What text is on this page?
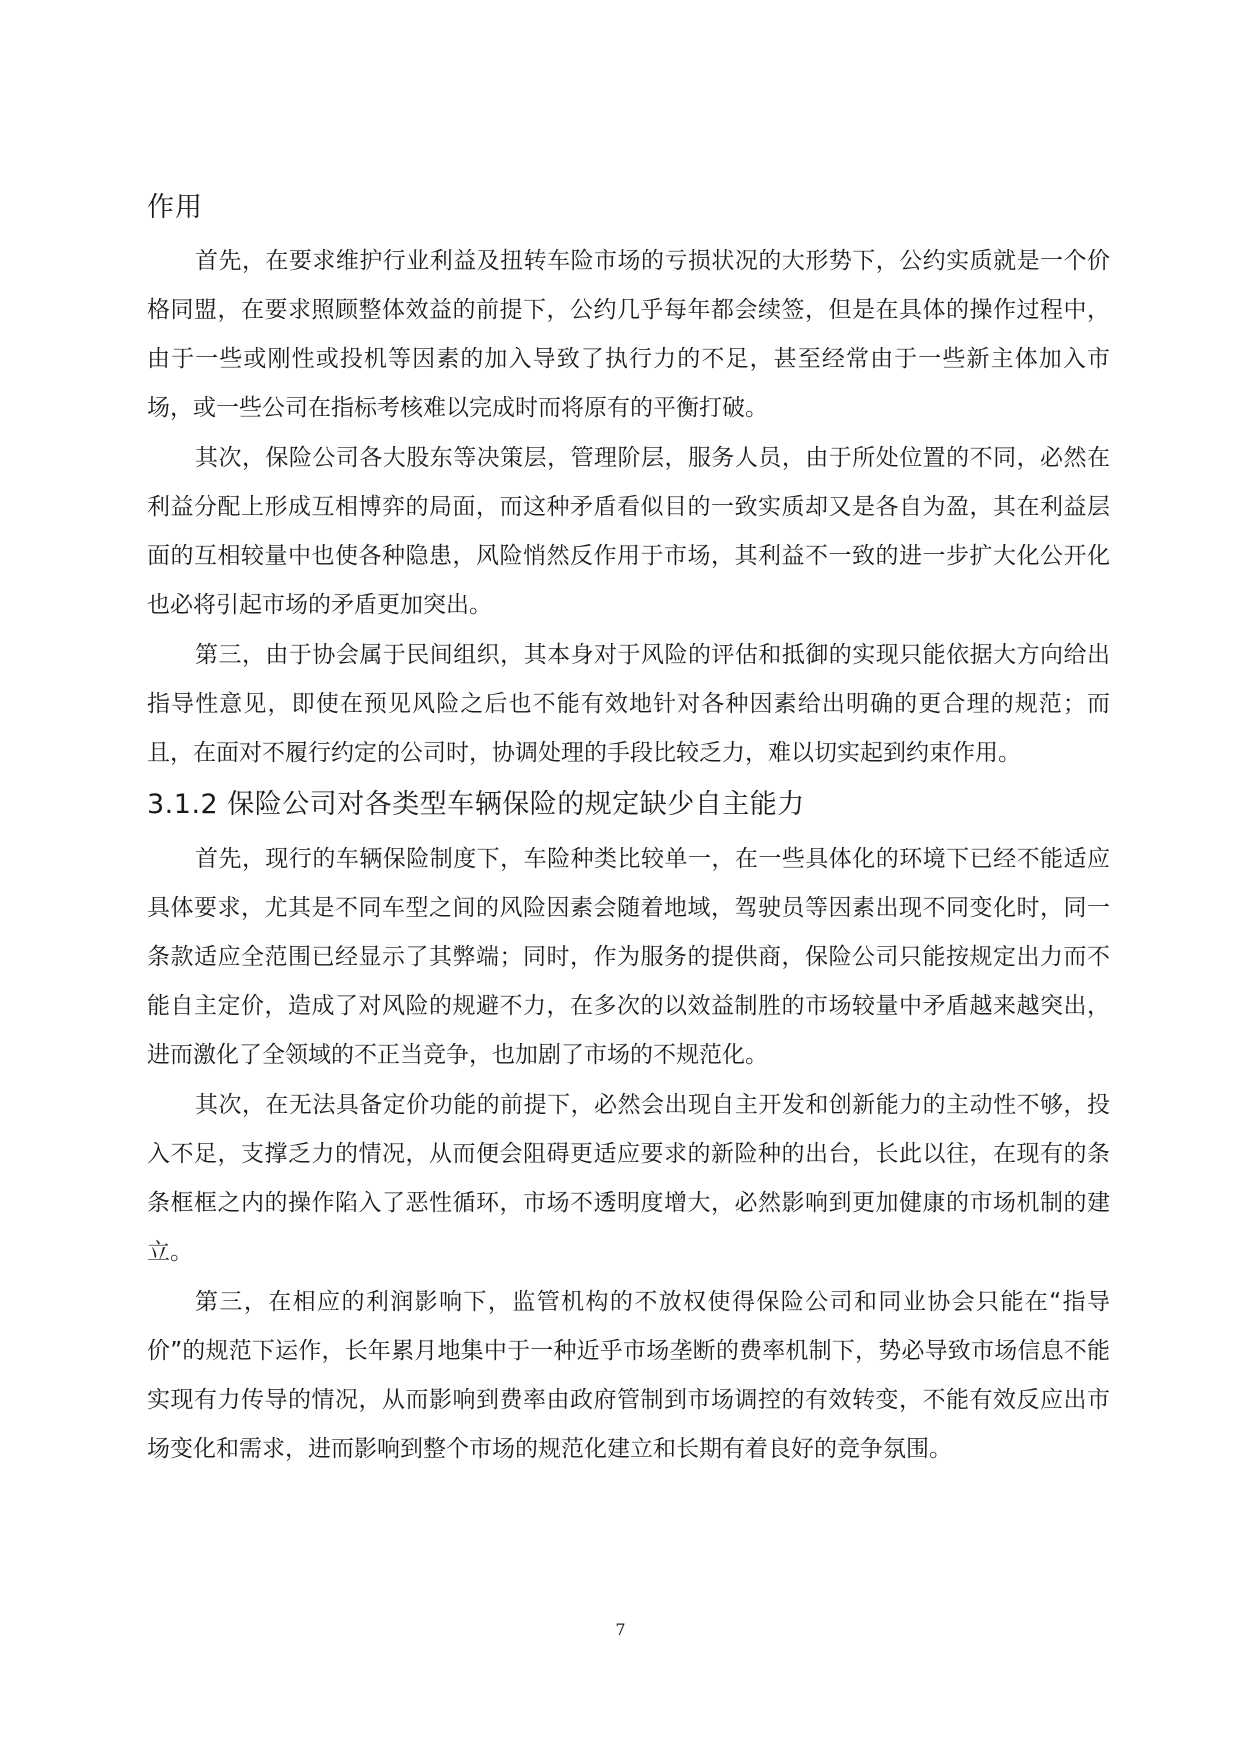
作用

首先，在要求维护行业利益及扭转车险市场的亏损状况的大形势下，公约实质就是一个价格同盟，在要求照顾整体效益的前提下，公约几乎每年都会续签，但是在具体的操作过程中，由于一些或刚性或投机等因素的加入导致了执行力的不足，甚至经常由于一些新主体加入市场，或一些公司在指标考核难以完成时而将原有的平衡打破。

其次，保险公司各大股东等决策层，管理阶层，服务人员，由于所处位置的不同，必然在利益分配上形成互相博弈的局面，而这种矛盾看似目的一致实质却又是各自为盈，其在利益层面的互相较量中也使各种隐患，风险悄然反作用于市场，其利益不一致的进一步扩大化公开化也必将引起市场的矛盾更加突出。

第三，由于协会属于民间组织，其本身对于风险的评估和抵御的实现只能依据大方向给出指导性意见，即使在预见风险之后也不能有效地针对各种因素给出明确的更合理的规范；而且，在面对不履行约定的公司时，协调处理的手段比较乏力，难以切实起到约束作用。

3.1.2 保险公司对各类型车辆保险的规定缺少自主能力

首先，现行的车辆保险制度下，车险种类比较单一，在一些具体化的环境下已经不能适应具体要求，尤其是不同车型之间的风险因素会随着地域，驾驶员等因素出现不同变化时，同一条款适应全范围已经显示了其弊端；同时，作为服务的提供商，保险公司只能按规定出力而不能自主定价，造成了对风险的规避不力，在多次的以效益制胜的市场较量中矛盾越来越突出，进而激化了全领域的不正当竞争，也加剧了市场的不规范化。

其次，在无法具备定价功能的前提下，必然会出现自主开发和创新能力的主动性不够，投入不足，支撑乏力的情况，从而便会阻碍更适应要求的新险种的出台，长此以往，在现有的条条框框之内的操作陷入了恶性循环，市场不透明度增大，必然影响到更加健康的市场机制的建立。

第三，在相应的利润影响下，监管机构的不放权使得保险公司和同业协会只能在“指导价”的规范下运作，长年累月地集中于一种近乎市场垄断的费率机制下，势必导致市场信息不能实现有力传导的情况，从而影响到费率由政府管制到市场调控的有效转变，不能有效反应出市场变化和需求，进而影响到整个市场的规范化建立和长期有着良好的竞争氛围。

7
